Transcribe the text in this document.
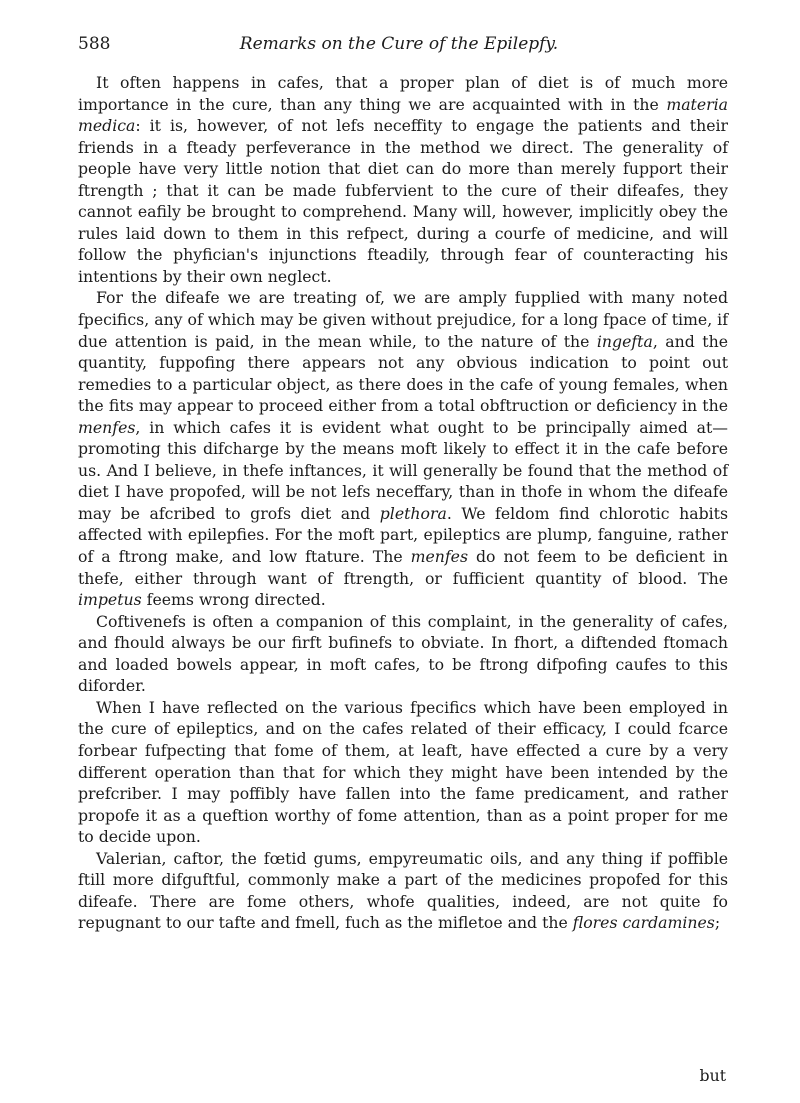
588	Remarks on the Cure of the Epilepfy.

It often happens in cafes, that a proper plan of diet is of much more importance in the cure, than any thing we are acquainted with in the materia medica: it is, however, of not lefs neceffity to engage the patients and their friends in a fteady perfeverance in the method we direct. The generality of people have very little notion that diet can do more than merely fupport their ftrength ; that it can be made fubfervient to the cure of their difeafes, they cannot eafily be brought to comprehend. Many will, however, implicitly obey the rules laid down to them in this refpect, during a courfe of medicine, and will follow the phyfician's injunctions fteadily, through fear of counteracting his intentions by their own neglect.

For the difeafe we are treating of, we are amply fupplied with many noted fpecifics, any of which may be given without prejudice, for a long fpace of time, if due attention is paid, in the mean while, to the nature of the ingefta, and the quantity, fuppofing there appears not any obvious indication to point out remedies to a particular object, as there does in the cafe of young females, when the fits may appear to proceed either from a total obftruction or deficiency in the menfes, in which cafes it is evident what ought to be principally aimed at—promoting this difcharge by the means moft likely to effect it in the cafe before us. And I believe, in thefe inftances, it will generally be found that the method of diet I have propofed, will be not lefs neceffary, than in thofe in whom the difeafe may be afcribed to grofs diet and plethora. We feldom find chlorotic habits affected with epilepfies. For the moft part, epileptics are plump, fanguine, rather of a ftrong make, and low ftature. The menfes do not feem to be deficient in thefe, either through want of ftrength, or fufficient quantity of blood. The impetus feems wrong directed.

Coftivenefs is often a companion of this complaint, in the generality of cafes, and fhould always be our firft bufinefs to obviate. In fhort, a diftended ftomach and loaded bowels appear, in moft cafes, to be ftrong difpofing caufes to this diforder.

When I have reflected on the various fpecifics which have been employed in the cure of epileptics, and on the cafes related of their efficacy, I could fcarce forbear fufpecting that fome of them, at leaft, have effected a cure by a very different operation than that for which they might have been intended by the prefcriber. I may poffibly have fallen into the fame predicament, and rather propofe it as a queftion worthy of fome attention, than as a point proper for me to decide upon.

Valerian, caftor, the fœtid gums, empyreumatic oils, and any thing if poffible ftill more difguftful, commonly make a part of the medicines propofed for this difeafe. There are fome others, whofe qualities, indeed, are not quite fo repugnant to our tafte and fmell, fuch as the mifletoe and the flores cardamines;

but
